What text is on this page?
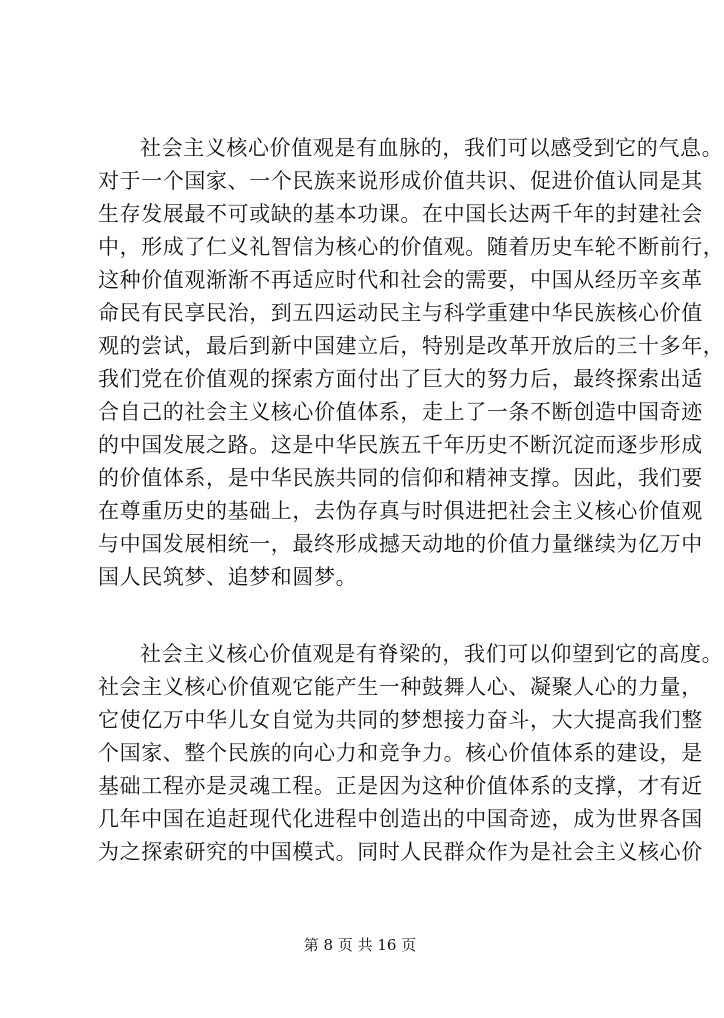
社会主义核心价值观是有血脉的，我们可以感受到它的气息。
对于一个国家、一个民族来说形成价值共识、促进价值认同是其
生存发展最不可或缺的基本功课。在中国长达两千年的封建社会
中，形成了仁义礼智信为核心的价值观。随着历史车轮不断前行，
这种价值观渐渐不再适应时代和社会的需要，中国从经历辛亥革
命民有民享民治，到五四运动民主与科学重建中华民族核心价值
观的尝试，最后到新中国建立后，特别是改革开放后的三十多年，
我们党在价值观的探索方面付出了巨大的努力后，最终探索出适
合自己的社会主义核心价值体系，走上了一条不断创造中国奇迹
的中国发展之路。这是中华民族五千年历史不断沉淀而逐步形成
的价值体系，是中华民族共同的信仰和精神支撑。因此，我们要
在尊重历史的基础上，去伪存真与时俱进把社会主义核心价值观
与中国发展相统一，最终形成撼天动地的价值力量继续为亿万中
国人民筑梦、追梦和圆梦。
社会主义核心价值观是有脊梁的，我们可以仰望到它的高度。
社会主义核心价值观它能产生一种鼓舞人心、凝聚人心的力量，
它使亿万中华儿女自觉为共同的梦想接力奋斗，大大提高我们整
个国家、整个民族的向心力和竞争力。核心价值体系的建设，是
基础工程亦是灵魂工程。正是因为这种价值体系的支撑，才有近
几年中国在追赶现代化进程中创造出的中国奇迹，成为世界各国
为之探索研究的中国模式。同时人民群众作为是社会主义核心价
第 8 页 共 16 页
